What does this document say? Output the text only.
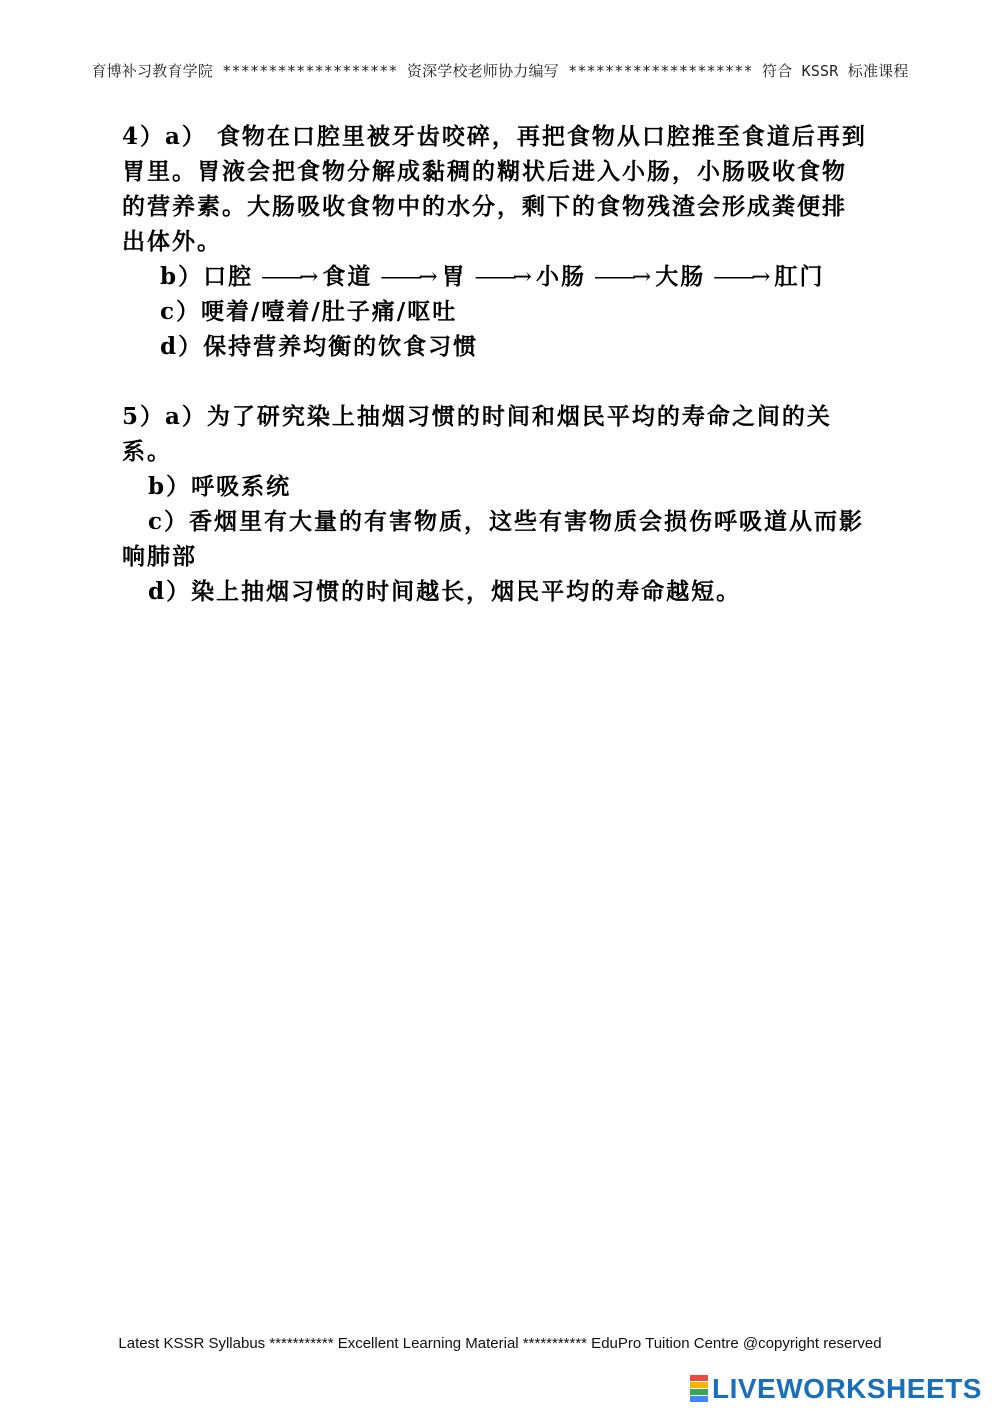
育博补习教育学院 ******************* 资深学校老师协力编写 ******************** 符合 KSSR 标准课程
4）a） 食物在口腔里被牙齿咬碎，再把食物从口腔推至食道后再到
胃里。胃液会把食物分解成黏稠的糊状后进入小肠，小肠吸收食物
的营养素。大肠吸收食物中的水分，剩下的食物残渣会形成粪便排
出体外。
b）口腔 ——→ 食道 ——→ 胃 ——→ 小肠 ——→ 大肠 ——→ 肛门
c）哽着/噎着/肚子痛/呕吐
d）保持营养均衡的饮食习惯
5）a）为了研究染上抽烟习惯的时间和烟民平均的寿命之间的关
系。
b）呼吸系统
c）香烟里有大量的有害物质，这些有害物质会损伤呼吸道从而影
响肺部
d）染上抽烟习惯的时间越长，烟民平均的寿命越短。
Latest KSSR Syllabus *********** Excellent Learning Material *********** EduPro Tuition Centre @copyright reserved
LIVEWORKSHEETS
